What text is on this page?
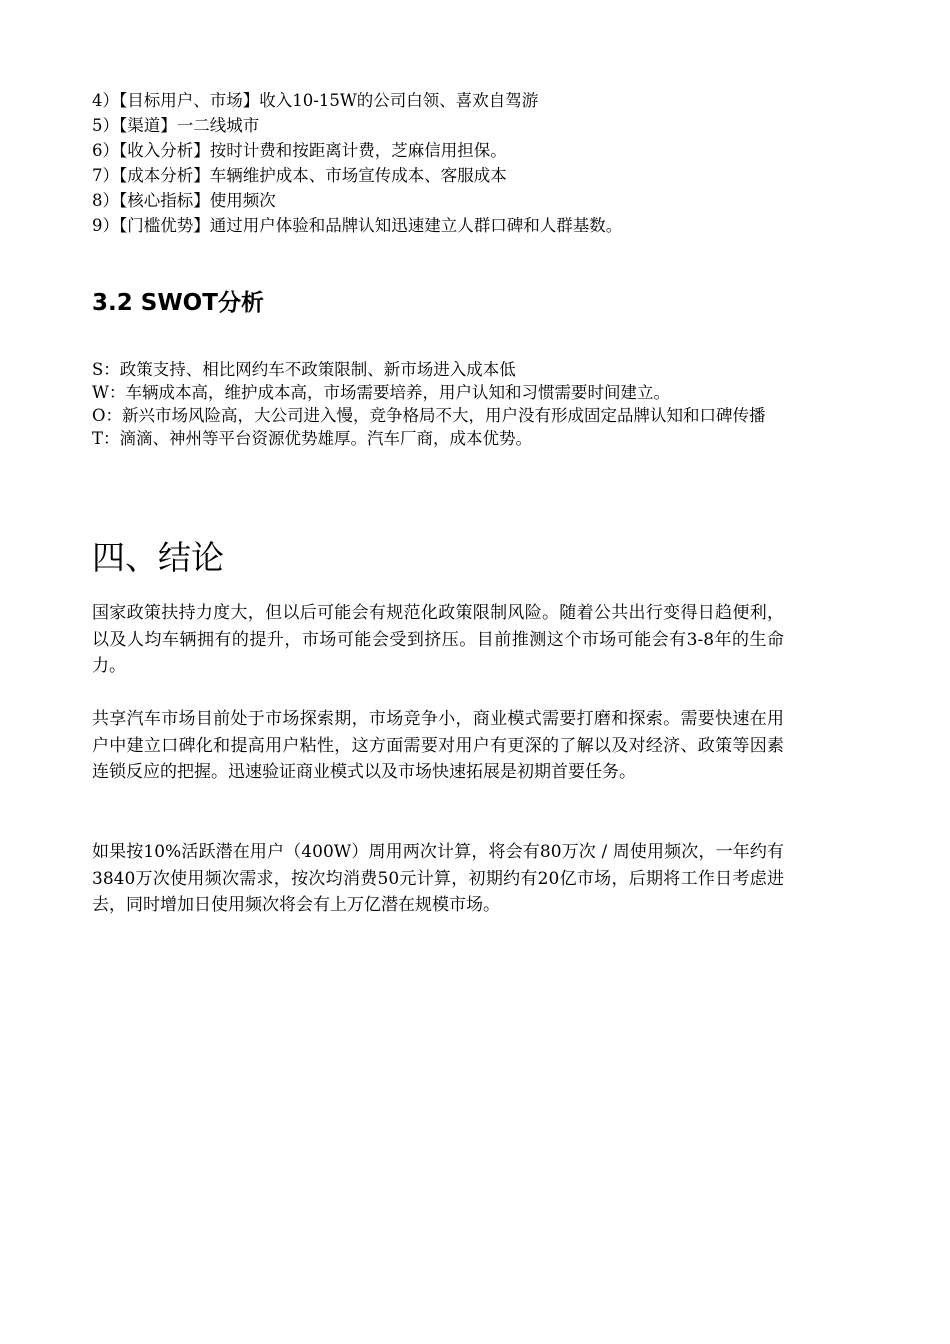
4）【目标用户、市场】收入10-15W的公司白领、喜欢自驾游
5）【渠道】一二线城市
6）【收入分析】按时计费和按距离计费，芝麻信用担保。
7）【成本分析】车辆维护成本、市场宣传成本、客服成本
8）【核心指标】使用频次
9）【门槛优势】通过用户体验和品牌认知迅速建立人群口碑和人群基数。
3.2 SWOT分析

S：政策支持、相比网约车不政策限制、新市场进入成本低

W：车辆成本高，维护成本高，市场需要培养，用户认知和习惯需要时间建立。

O：新兴市场风险高，大公司进入慢，竞争格局不大，用户没有形成固定品牌认知和口碑传播

T：滴滴、神州等平台资源优势雄厚。汽车厂商，成本优势。

四、结论

国家政策扶持力度大，但以后可能会有规范化政策限制风险。随着公共出行变得日趋便利，以及人均车辆拥有的提升，市场可能会受到挤压。目前推测这个市场可能会有3-8年的生命力。

共享汽车市场目前处于市场探索期，市场竞争小，商业模式需要打磨和探索。需要快速在用户中建立口碑化和提高用户粘性，这方面需要对用户有更深的了解以及对经济、政策等因素连锁反应的把握。迅速验证商业模式以及市场快速拓展是初期首要任务。

如果按10%活跃潜在用户（400W）周用两次计算，将会有80万次 / 周使用频次，一年约有3840万次使用频次需求，按次均消费50元计算，初期约有20亿市场，后期将工作日考虑进去，同时增加日使用频次将会有上万亿潜在规模市场。
